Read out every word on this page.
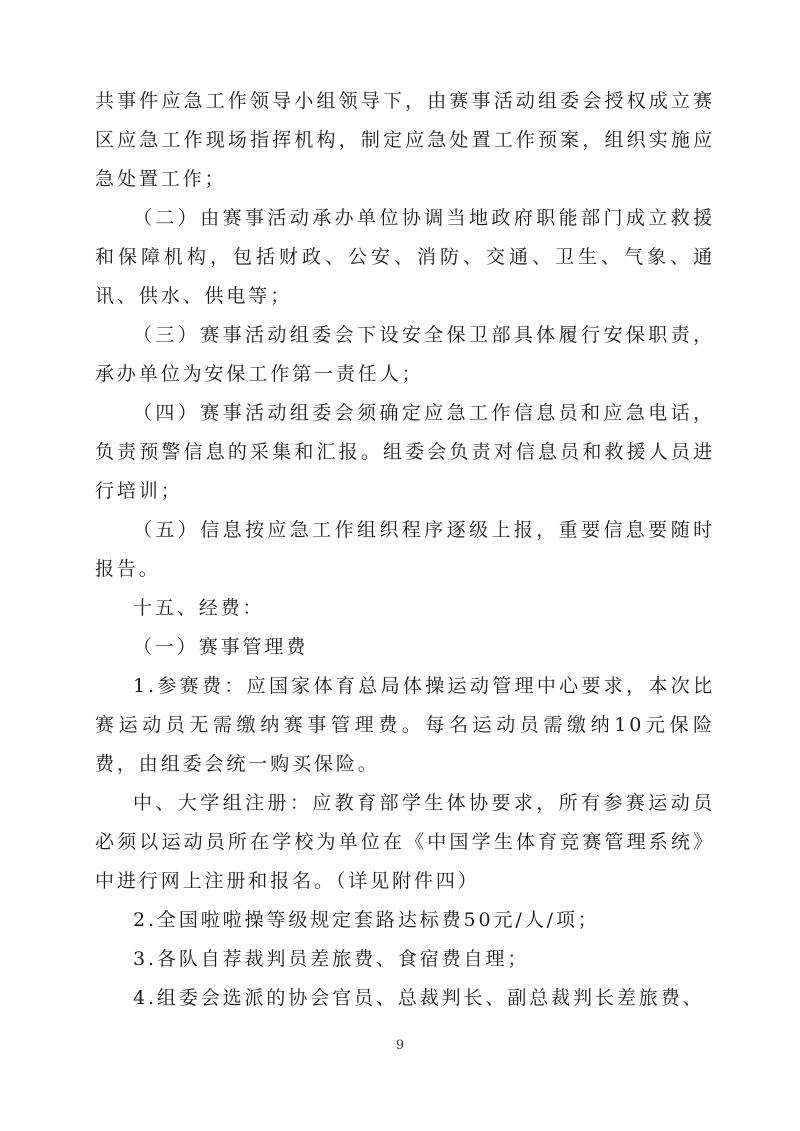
共事件应急工作领导小组领导下，由赛事活动组委会授权成立赛区应急工作现场指挥机构，制定应急处置工作预案，组织实施应急处置工作；

（二）由赛事活动承办单位协调当地政府职能部门成立救援和保障机构，包括财政、公安、消防、交通、卫生、气象、通讯、供水、供电等；

（三）赛事活动组委会下设安全保卫部具体履行安保职责，承办单位为安保工作第一责任人；

（四）赛事活动组委会须确定应急工作信息员和应急电话，负责预警信息的采集和汇报。组委会负责对信息员和救援人员进行培训；

（五）信息按应急工作组织程序逐级上报，重要信息要随时报告。

十五、经费：

（一）赛事管理费

1.参赛费：应国家体育总局体操运动管理中心要求，本次比赛运动员无需缴纳赛事管理费。每名运动员需缴纳10元保险费，由组委会统一购买保险。

中、大学组注册：应教育部学生体协要求，所有参赛运动员必须以运动员所在学校为单位在《中国学生体育竞赛管理系统》中进行网上注册和报名。（详见附件四）

2.全国啦啦操等级规定套路达标费50元/人/项；

3.各队自荐裁判员差旅费、食宿费自理；

4.组委会选派的协会官员、总裁判长、副总裁判长差旅费、

9
